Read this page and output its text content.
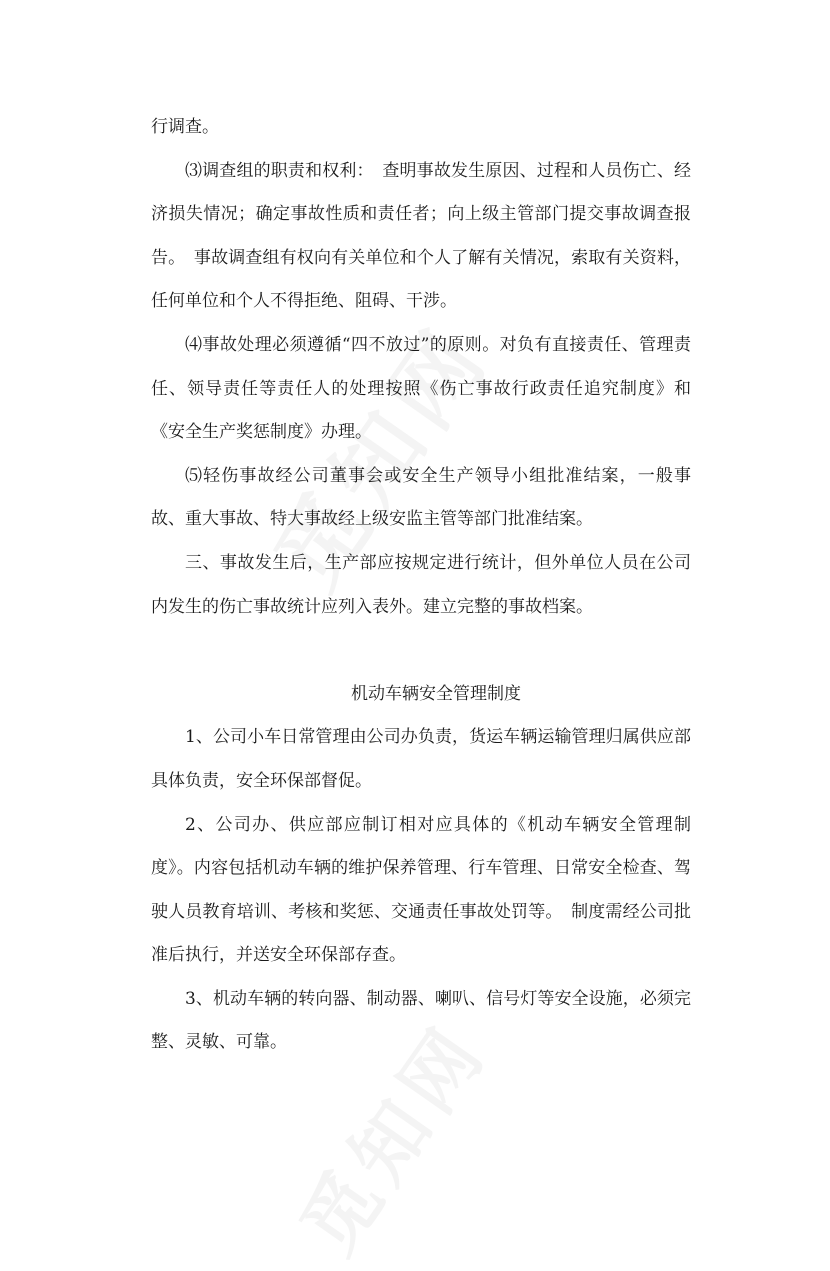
行调查。

⑶调查组的职责和权利：　查明事故发生原因、过程和人员伤亡、经济损失情况；确定事故性质和责任者；向上级主管部门提交事故调查报告。　事故调查组有权向有关单位和个人了解有关情况，索取有关资料，任何单位和个人不得拒绝、阻碍、干涉。

⑷事故处理必须遵循“四不放过”的原则。对负有直接责任、管理责任、领导责任等责任人的处理按照《伤亡事故行政责任追究制度》和《安全生产奖惩制度》办理。

⑸轻伤事故经公司董事会或安全生产领导小组批准结案，一般事故、重大事故、特大事故经上级安监主管等部门批准结案。

三、事故发生后，生产部应按规定进行统计，但外单位人员在公司内发生的伤亡事故统计应列入表外。建立完整的事故档案。

机动车辆安全管理制度

1、公司小车日常管理由公司办负责，货运车辆运输管理归属供应部具体负责，安全环保部督促。

2、公司办、供应部应制订相对应具体的《机动车辆安全管理制度》。内容包括机动车辆的维护保养管理、行车管理、日常安全检查、驾驶人员教育培训、考核和奖惩、交通责任事故处罚等。　制度需经公司批准后执行，并送安全环保部存查。

3、机动车辆的转向器、制动器、喇叭、信号灯等安全设施，必须完整、灵敏、可靠。
